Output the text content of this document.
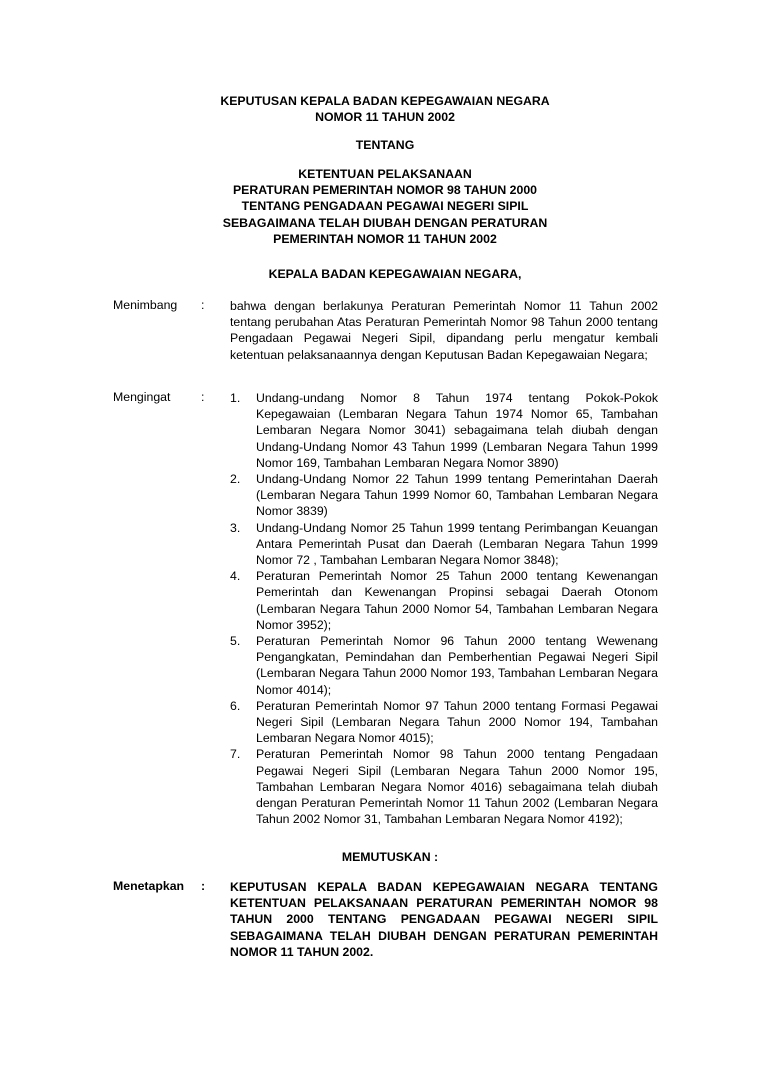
KEPUTUSAN KEPALA BADAN KEPEGAWAIAN NEGARA
NOMOR 11 TAHUN 2002
TENTANG
KETENTUAN PELAKSANAAN
PERATURAN PEMERINTAH NOMOR 98 TAHUN 2000
TENTANG PENGADAAN PEGAWAI NEGERI SIPIL
SEBAGAIMANA TELAH DIUBAH DENGAN PERATURAN
PEMERINTAH NOMOR 11 TAHUN 2002
KEPALA BADAN KEPEGAWAIAN NEGARA,
Menimbang : bahwa dengan berlakunya Peraturan Pemerintah Nomor 11 Tahun 2002 tentang perubahan Atas Peraturan Pemerintah Nomor 98 Tahun 2000 tentang Pengadaan Pegawai Negeri Sipil, dipandang perlu mengatur kembali ketentuan pelaksanaannya dengan Keputusan Badan Kepegawaian Negara;
Mengingat : 1. Undang-undang Nomor 8 Tahun 1974 tentang Pokok-Pokok Kepegawaian (Lembaran Negara Tahun 1974 Nomor 65, Tambahan Lembaran Negara Nomor 3041) sebagaimana telah diubah dengan Undang-Undang Nomor 43 Tahun 1999 (Lembaran Negara Tahun 1999 Nomor 169, Tambahan Lembaran Negara Nomor 3890)
2. Undang-Undang Nomor 22 Tahun 1999 tentang Pemerintahan Daerah (Lembaran Negara Tahun 1999 Nomor 60, Tambahan Lembaran Negara Nomor 3839)
3. Undang-Undang Nomor 25 Tahun 1999 tentang Perimbangan Keuangan Antara Pemerintah Pusat dan Daerah (Lembaran Negara Tahun 1999 Nomor 72 , Tambahan Lembaran Negara Nomor 3848);
4. Peraturan Pemerintah Nomor 25 Tahun 2000 tentang Kewenangan Pemerintah dan Kewenangan Propinsi sebagai Daerah Otonom (Lembaran Negara Tahun 2000 Nomor 54, Tambahan Lembaran Negara Nomor 3952);
5. Peraturan Pemerintah Nomor 96 Tahun 2000 tentang Wewenang Pengangkatan, Pemindahan dan Pemberhentian Pegawai Negeri Sipil (Lembaran Negara Tahun 2000 Nomor 193, Tambahan Lembaran Negara Nomor 4014);
6. Peraturan Pemerintah Nomor 97 Tahun 2000 tentang Formasi Pegawai Negeri Sipil (Lembaran Negara Tahun 2000 Nomor 194, Tambahan Lembaran Negara Nomor 4015);
7. Peraturan Pemerintah Nomor 98 Tahun 2000 tentang Pengadaan Pegawai Negeri Sipil (Lembaran Negara Tahun 2000 Nomor 195, Tambahan Lembaran Negara Nomor 4016) sebagaimana telah diubah dengan Peraturan Pemerintah Nomor 11 Tahun 2002 (Lembaran Negara Tahun 2002 Nomor 31, Tambahan Lembaran Negara Nomor 4192);
MEMUTUSKAN :
Menetapkan : KEPUTUSAN KEPALA BADAN KEPEGAWAIAN NEGARA TENTANG KETENTUAN PELAKSANAAN PERATURAN PEMERINTAH NOMOR 98 TAHUN 2000 TENTANG PENGADAAN PEGAWAI NEGERI SIPIL SEBAGAIMANA TELAH DIUBAH DENGAN PERATURAN PEMERINTAH NOMOR 11 TAHUN 2002.
